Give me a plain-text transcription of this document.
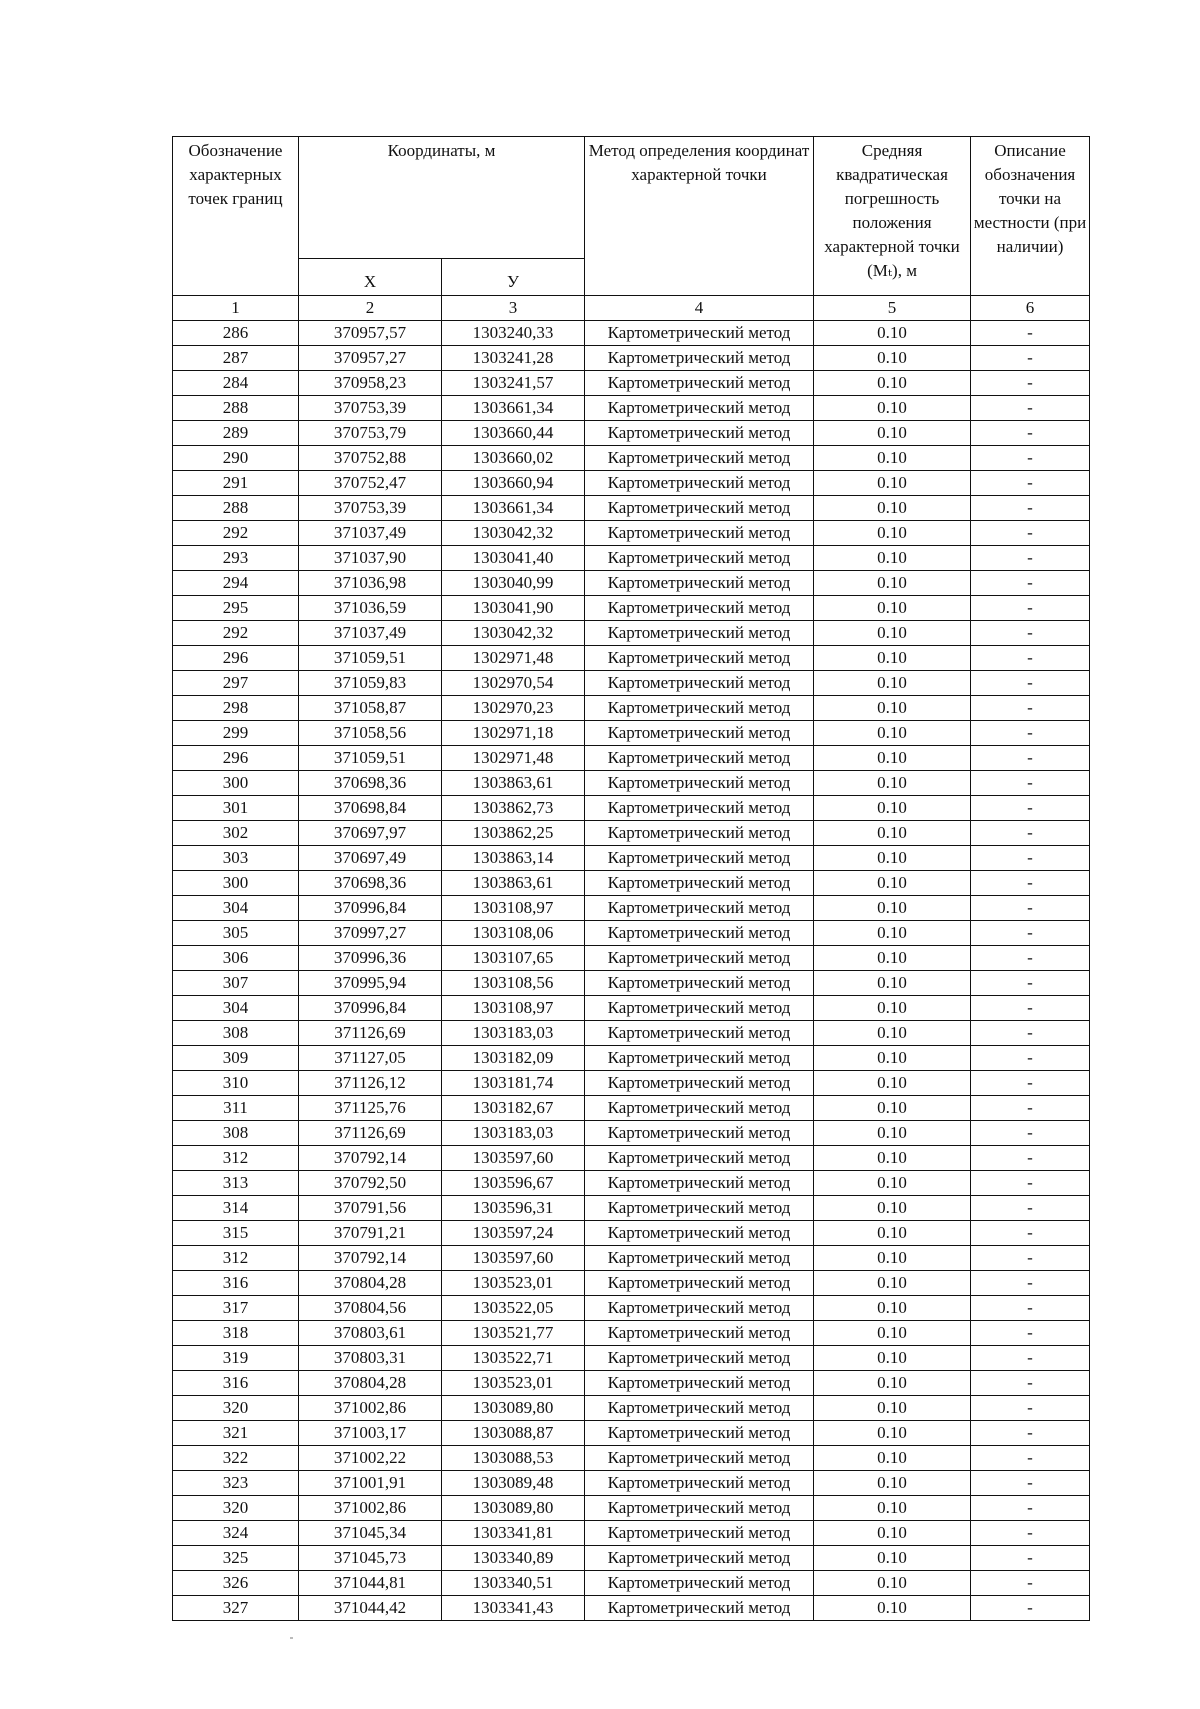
Обозначение характерных точек границ	Координаты, м		Метод определения координат характерной точки	Средняя квадратическая погрешность положения характерной точки (Mₜ), м	Описание обозначения точки на местности (при наличии)
	Х	У			
1	2	3	4	5	6
286	370957,57	1303240,33	Картометрический метод	0.10	-
287	370957,27	1303241,28	Картометрический метод	0.10	-
284	370958,23	1303241,57	Картометрический метод	0.10	-
288	370753,39	1303661,34	Картометрический метод	0.10	-
289	370753,79	1303660,44	Картометрический метод	0.10	-
290	370752,88	1303660,02	Картометрический метод	0.10	-
291	370752,47	1303660,94	Картометрический метод	0.10	-
288	370753,39	1303661,34	Картометрический метод	0.10	-
292	371037,49	1303042,32	Картометрический метод	0.10	-
293	371037,90	1303041,40	Картометрический метод	0.10	-
294	371036,98	1303040,99	Картометрический метод	0.10	-
295	371036,59	1303041,90	Картометрический метод	0.10	-
292	371037,49	1303042,32	Картометрический метод	0.10	-
296	371059,51	1302971,48	Картометрический метод	0.10	-
297	371059,83	1302970,54	Картометрический метод	0.10	-
298	371058,87	1302970,23	Картометрический метод	0.10	-
299	371058,56	1302971,18	Картометрический метод	0.10	-
296	371059,51	1302971,48	Картометрический метод	0.10	-
300	370698,36	1303863,61	Картометрический метод	0.10	-
301	370698,84	1303862,73	Картометрический метод	0.10	-
302	370697,97	1303862,25	Картометрический метод	0.10	-
303	370697,49	1303863,14	Картометрический метод	0.10	-
300	370698,36	1303863,61	Картометрический метод	0.10	-
304	370996,84	1303108,97	Картометрический метод	0.10	-
305	370997,27	1303108,06	Картометрический метод	0.10	-
306	370996,36	1303107,65	Картометрический метод	0.10	-
307	370995,94	1303108,56	Картометрический метод	0.10	-
304	370996,84	1303108,97	Картометрический метод	0.10	-
308	371126,69	1303183,03	Картометрический метод	0.10	-
309	371127,05	1303182,09	Картометрический метод	0.10	-
310	371126,12	1303181,74	Картометрический метод	0.10	-
311	371125,76	1303182,67	Картометрический метод	0.10	-
308	371126,69	1303183,03	Картометрический метод	0.10	-
312	370792,14	1303597,60	Картометрический метод	0.10	-
313	370792,50	1303596,67	Картометрический метод	0.10	-
314	370791,56	1303596,31	Картометрический метод	0.10	-
315	370791,21	1303597,24	Картометрический метод	0.10	-
312	370792,14	1303597,60	Картометрический метод	0.10	-
316	370804,28	1303523,01	Картометрический метод	0.10	-
317	370804,56	1303522,05	Картометрический метод	0.10	-
318	370803,61	1303521,77	Картометрический метод	0.10	-
319	370803,31	1303522,71	Картометрический метод	0.10	-
316	370804,28	1303523,01	Картометрический метод	0.10	-
320	371002,86	1303089,80	Картометрический метод	0.10	-
321	371003,17	1303088,87	Картометрический метод	0.10	-
322	371002,22	1303088,53	Картометрический метод	0.10	-
323	371001,91	1303089,48	Картометрический метод	0.10	-
320	371002,86	1303089,80	Картометрический метод	0.10	-
324	371045,34	1303341,81	Картометрический метод	0.10	-
325	371045,73	1303340,89	Картометрический метод	0.10	-
326	371044,81	1303340,51	Картометрический метод	0.10	-
327	371044,42	1303341,43	Картометрический метод	0.10	-
